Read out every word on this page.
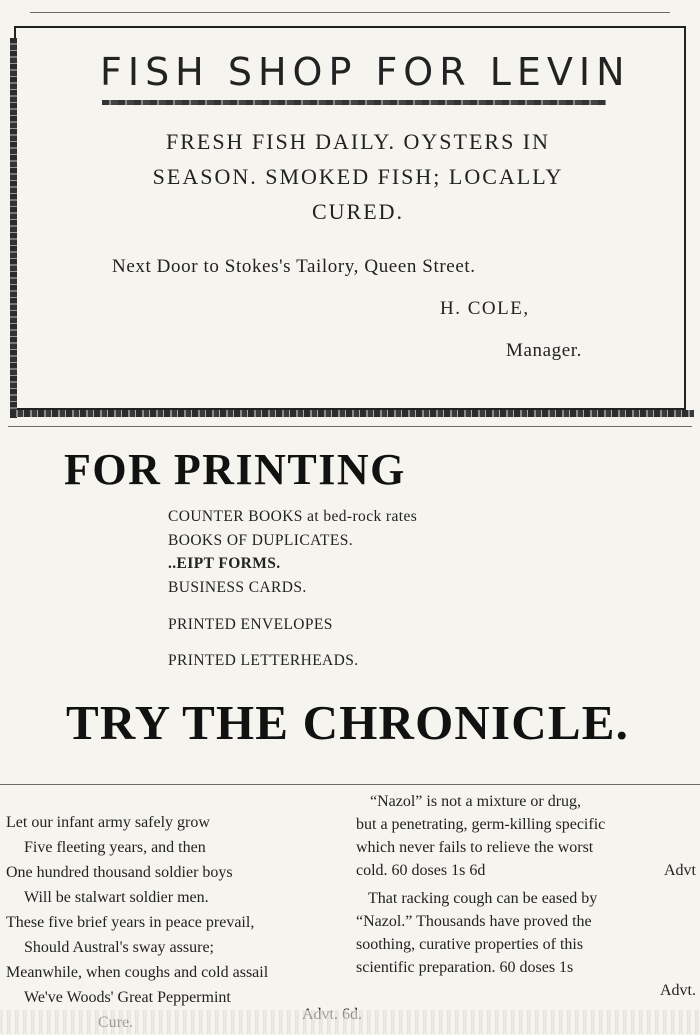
FISH SHOP FOR LEVIN
FRESH FISH DAILY. OYSTERS IN
SEASON. SMOKED FISH; LOCALLY
CURED.
Next Door to Stokes's Tailory, Queen Street.
H. COLE,
Manager.
FOR PRINTING
COUNTER BOOKS at bed-rock rates
BOOKS OF DUPLICATES.
..EIPT FORMS.
BUSINESS CARDS.
PRINTED ENVELOPES
PRINTED LETTERHEADS.
TRY THE CHRONICLE.
Let our infant army safely grow
Five fleeting years, and then
One hundred thousand soldier boys
Will be stalwart soldier men.
These five brief years in peace prevail,
Should Austral's sway assure;
Meanwhile, when coughs and cold assail
We've Woods' Great Peppermint
“Nazol” is not a mixture or drug,
but a penetrating, germ-killing specific
which never fails to relieve the worst
cold. 60 doses 1s 6d	Advt
That racking cough can be eased by
“Nazol.” Thousands have proved the
soothing, curative properties of this
scientific preparation. 60 doses 1s
Advt.
